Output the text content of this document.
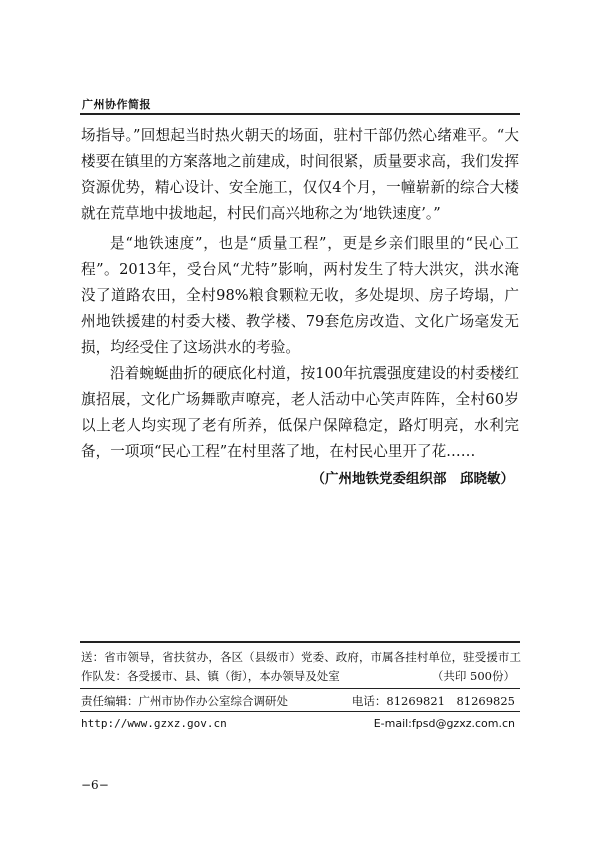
广州协作简报

场指导。”回想起当时热火朝天的场面，驻村干部仍然心绪难平。“大楼要在镇里的方案落地之前建成，时间很紧，质量要求高，我们发挥资源优势，精心设计、安全施工，仅仅4个月，一幢崭新的综合大楼就在荒草地中拔地起，村民们高兴地称之为‘地铁速度’。”

是“地铁速度”，也是“质量工程”，更是乡亲们眼里的“民心工程”。2013年，受台风“尤特”影响，两村发生了特大洪灾，洪水淹没了道路农田，全村98%粮食颗粒无收，多处堤坝、房子垮塌，广州地铁援建的村委大楼、教学楼、79套危房改造、文化广场毫发无损，均经受住了这场洪水的考验。

沿着蜿蜒曲折的硬底化村道，按100年抗震强度建设的村委楼红旗招展，文化广场舞歌声嘹亮，老人活动中心笑声阵阵，全村60岁以上老人均实现了老有所养，低保户保障稳定，路灯明亮，水利完备，一项项“民心工程”在村里落了地，在村民心里开了花……

（广州地铁党委组织部　邱晓敏）

送：省市领导，省扶贫办，各区（县级市）党委、政府，市属各挂村单位，驻受援市工作队发：各受援市、县、镇（街），本办领导及处室	（共印 500份）
责任编辑：广州市协作办公室综合调研处	电话：81269821　81269825
http://www.gzxz.gov.cn	E-mail:fpsd@gzxz.com.cn
−6−
